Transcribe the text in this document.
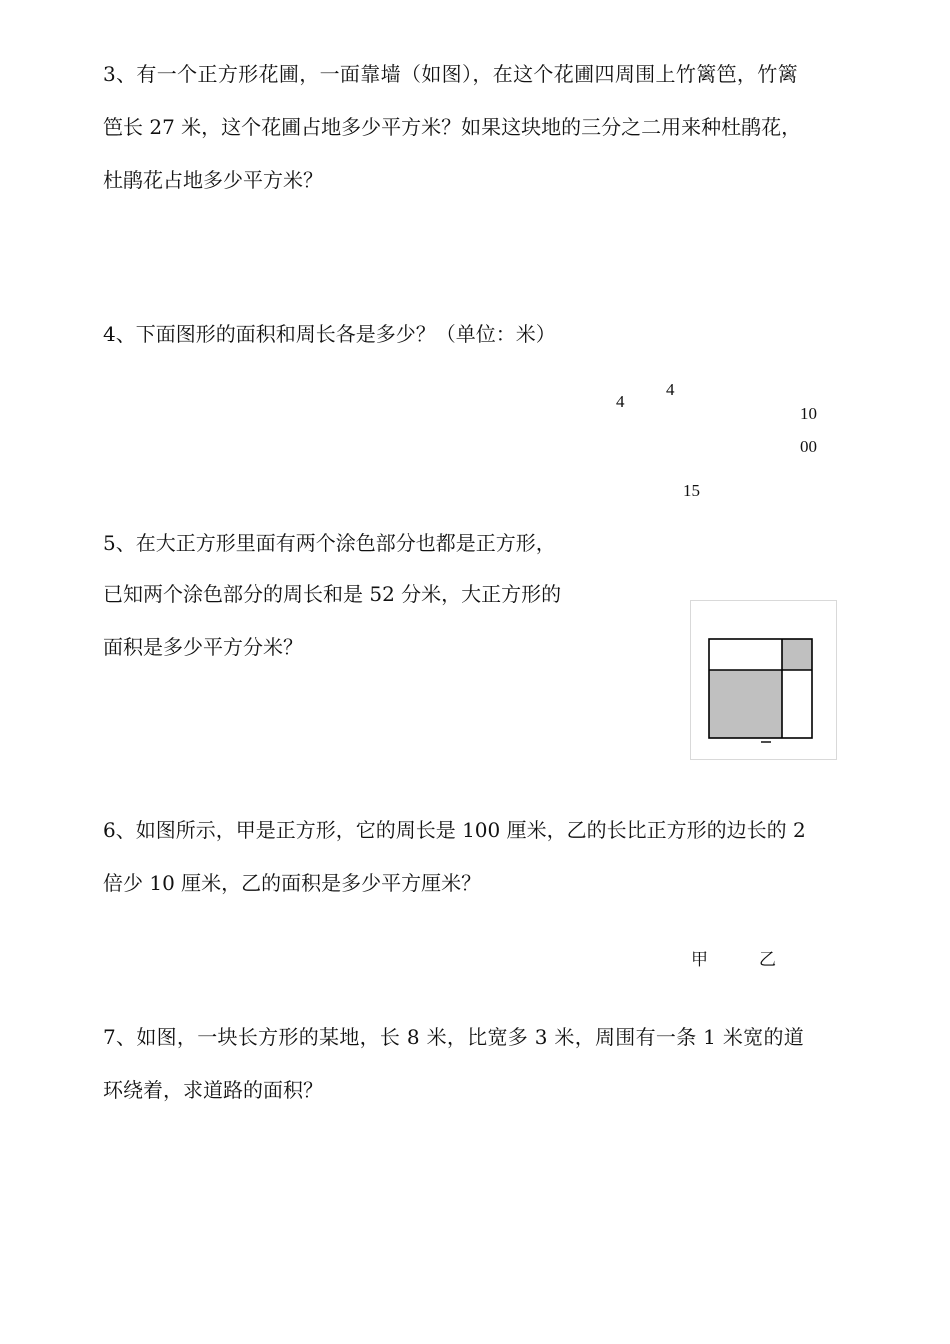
3、有一个正方形花圃，一面靠墙（如图），在这个花圃四周围上竹篱笆，竹篱
笆长 27 米，这个花圃占地多少平方米？如果这块地的三分之二用来种杜鹃花，
杜鹃花占地多少平方米？
4、下面图形的面积和周长各是多少？（单位：米）
4
4
10
00
15
5、在大正方形里面有两个涂色部分也都是正方形，
已知两个涂色部分的周长和是 52 分米，大正方形的
面积是多少平方分米？
6、如图所示，甲是正方形，它的周长是 100 厘米，乙的长比正方形的边长的 2
倍少 10 厘米，乙的面积是多少平方厘米？
甲	乙
7、如图，一块长方形的某地，长 8 米，比宽多 3 米，周围有一条 1 米宽的道
环绕着，求道路的面积？
